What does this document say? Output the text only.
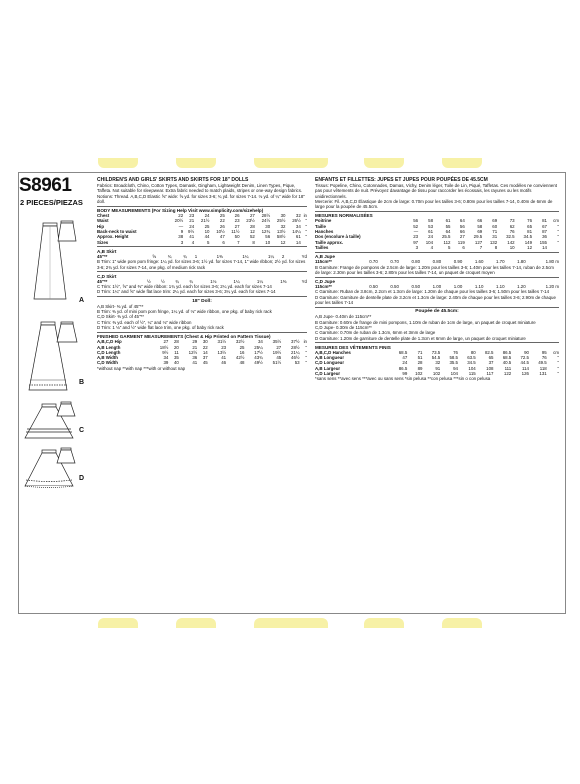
S8961
2 PIECES/PIEZAS
A
B
C
D
CHILDREN'S AND GIRLS' SKIRTS AND SKIRTS FOR 18" DOLLS
Fabrics: Broadcloth, Chino, Cotton Types, Damask, Gingham, Lightweight Denim, Linen Types, Pique, Taffeta. Not suitable for sleepwear. Extra fabric needed to match plaids, stripes or one-way design fabrics.
Notions: Thread. A,B,C,D Elastic ⅝" wide: ⅝ yd. for sizes 3-6; ¾ yd. for sizes 7-14. ⅛ yd. of ¼" wide for 18" doll.
BODY MEASUREMENTS (For Sizing Help Visit www.simplicity.com/sizehelp)
Chest	22	23	24	25	26	27	28½	30	32	in
Waist	20½	21	21½	22	23	23½	24½	25½	26½	"
Hip	—	24	25	26	27	28	30	32	34	"
Back-neck to waist	9	9½	10	10½	11½	12	12¾	13½	14¼	"
Approx. Height	38	41	44	47	50	52	56	58½	61	"
Sizes	3	4	5	6	7	8	10	12	14	
A,B Skirt
45"**	⅝	¾	¾	1	1⅜	1¼	1¼	2	Yd
B Trim: 1" wide pom pom fringe: 1¼ yd. for sizes 3-6; 1½ yd. for sizes 7-14, 1" wide ribbon; 2½ yd. for sizes 3-6; 2¾ yd. for sizes 7-14, one pkg. of medium rick rack
C,D Skirt
45"**	½	½	¾	¾	1⅛	1¼	1¼	1⅜	Yd
C Trim: 1½", ⅝" and ⅜" wide ribbon: 1¾ yd. each for sizes 3-6; 2¼ yd. each for sizes 7-14
D Trim: 1¼" and ⅝" wide flat lace trim: 2¼ yd. each for sizes 3-6; 3¼ yd. each for sizes 7-14
18" Doll:
A,B Skirt- ⅜ yd. of 45"**
B Trim: ⅜ yd. of mini pom pom fringe, 1¼ yd. of ⅛" wide ribbon, one pkg. of baby rick rack
C,D Skirt- ⅜ yd. of 45"**
C Trim: ⅜ yd. each of ½", ¼" and ⅛" wide ribbon
D Trim: 1 ⅛" and ½" wide flat lace trim, one pkg. of baby rick rack
FINISHED GARMENT MEASUREMENTS (Chest & Hip Printed on Pattern Tissue)
A,B,C,D Hip	27	28	29	30	31½	32½	34	35½	37½	in
A,B Length	18½	20	21	22	23	25	25¼	27	28½	"
C,D Length	9½	11	12½	14	13½	16	17½	19½	21¼	"
A,B Width	34	35	36	37	41	42½	43¾	45	46½	"
C,D Width	39	40	41	45	46	48	49½	51½	53	"
*without nap **with nap ***with or without nap
ENFANTS ET FILLETTES: JUPES ET JUPES POUR POUPÉES DE 45.5CM
Tissus: Popeline, Chino, Cotonnades, Damas, Vichy, Denim léger, Toile de Lin, Piqué, Taffetas. Ces modèles ne conviennent pas pour vêtements de nuit. Prévoyez davantage de tissu pour raccorder les écossais, les rayures ou les motifs unidirectionnels.
Mercerie: Fil. A,B,C,D Élastique de 2cm de large: 0.70m pour les tailles 3-6; 0.80m pour les tailles 7-14, 0.40m de 6mm de large pour la poupée de 45.5cm.
MESURES NORMALISÉES
Poitrine	56	58	61	64	66	69	73	76	81	cm
Taille	52	53	55	56	58	60	62	65	67	"
Hanches	—	61	64	66	69	71	76	81	87	"
Dos (encolure à taille)	23	24	25.5	27	29.5	31	32.5	34.5	36	"
Taille approx.	97	104	112	119	127	132	142	149	155	"
Tailles	3	4	5	6	7	8	10	12	14	
A,B Jupe
115cm**	0.70	0.70	0.80	0.80	0.90	1.60	1.70	1.80	1.80 m
B Garniture: Frange de pompons de 2.5cm de large: 1.20m pour les tailles 3-6; 1.40m pour les tailles 7-14, ruban de 2.5cm de large: 2.30m pour les tailles 3-6; 2.80m pour les tailles 7-14, un paquet de croquet moyen
C,D Jupe
115cm**	0.50	0.50	0.50	1.00	1.00	1.10	1.10	1.20	1.20 m
C Garniture: Ruban de 3.8cm, 2.2cm et 1.3cm de large: 1.20m de chaque pour les tailles 3-6; 1.50m pour les tailles 7-14
D Garniture: Garniture de dentelle plate de 3.2cm et 1.3cm de large: 2.40m de chaque pour les tailles 3-6; 2.90m de chaque pour les tailles 7-14
Poupée de 45.5cm:
A,B Jupe- 0.40m de 115cm**
B Garniture: 0.60m de frange de mini pompons, 1.10m de ruban de 1cm de large, un paquet de croquet miniature
C,D Jupe- 0.30m de 115cm**
C Garniture: 0.70m de ruban de 1.3cm, 6mm et 3mm de large
D Garniture: 1.20m de garniture de dentelle plate de 1.3cm et 6mm de large, un paquet de croquet miniature
MESURES DES VÊTEMENTS FINIS
A,B,C,D Hanches	68.5	71	73.5	76	80	82.5	86.5	90	95	cm
A,B Longueur	47	51	54.5	58.5	63.5	65	68.5	72.5	76	"
C,D Longueur	24	28	32	35.5	34.5	37	40.5	44.5	49.5	"
A,B Largeur	86.5	89	91	94	104	108	111	114	118	"
C,D Largeur	99	102	102	104	115	117	122	126	131	"
*sans sens **avec sens ***avec ou sans sens *sin pelusa **con pelusa ***sin o con pelusa
